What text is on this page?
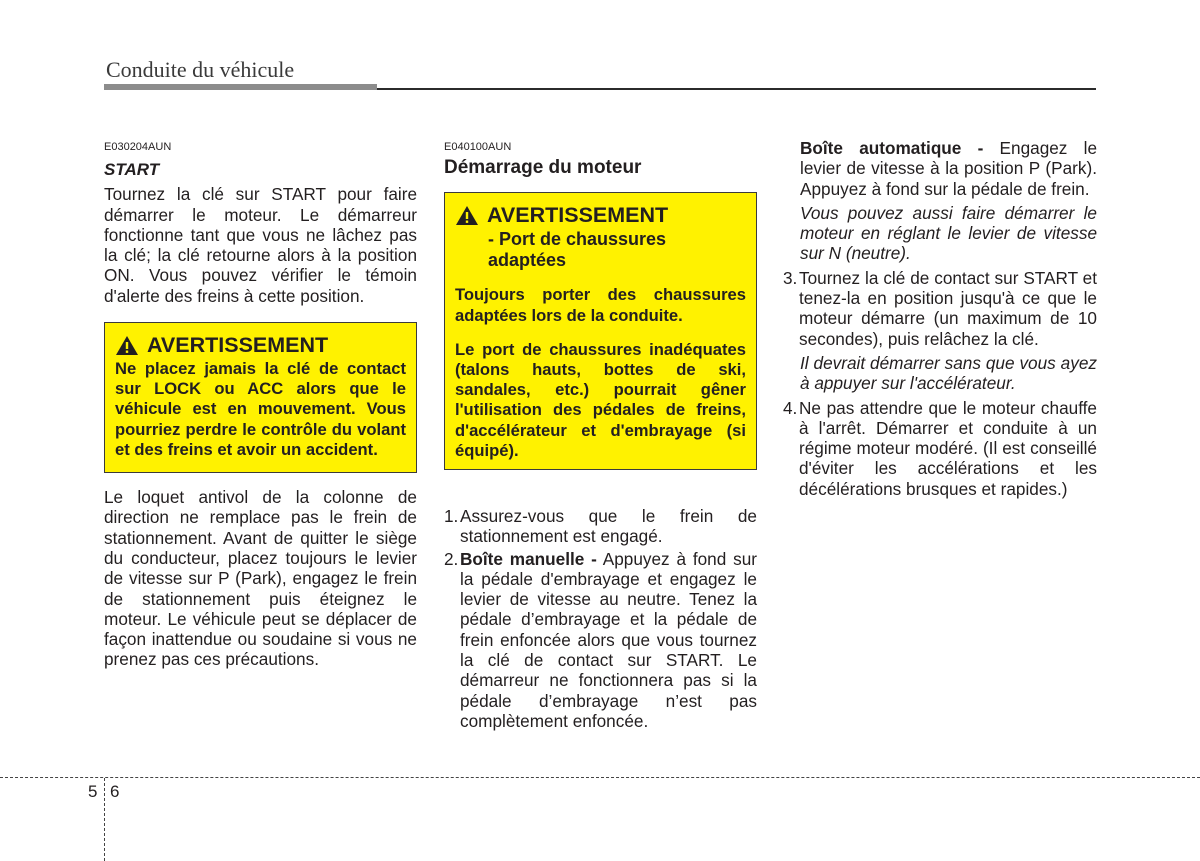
Conduite du véhicule
E030204AUN
START

Tournez la clé sur START pour faire démarrer le moteur. Le démarreur fonctionne tant que vous ne lâchez pas la clé; la clé retourne alors à la position ON. Vous pouvez vérifier le témoin d'alerte des freins à cette position.

AVERTISSEMENT
Ne placez jamais la clé de contact sur LOCK ou ACC alors que le véhicule est en mouvement. Vous pourriez perdre le contrôle du volant et des freins et avoir un accident.

Le loquet antivol de la colonne de direction ne remplace pas le frein de stationnement. Avant de quitter le siège du conducteur, placez toujours le levier de vitesse sur P (Park), engagez le frein de stationnement puis éteignez le moteur. Le véhicule peut se déplacer de façon inattendue ou soudaine si vous ne prenez pas ces précautions.

E040100AUN
Démarrage du moteur
AVERTISSEMENT
- Port de chaussures adaptées
Toujours porter des chaussures adaptées lors de la conduite.
Le port de chaussures inadéquates (talons hauts, bottes de ski, sandales, etc.) pourrait gêner l'utilisation des pédales de freins, d'accélérateur et d'embrayage (si équipé).
1. Assurez-vous que le frein de stationnement est engagé.
2. Boîte manuelle - Appuyez à fond sur la pédale d'embrayage et engagez le levier de vitesse au neutre. Tenez la pédale d’embrayage et la pédale de frein enfoncée alors que vous tournez la clé de contact sur START. Le démarreur ne fonctionnera pas si la pédale d’embrayage n’est pas complètement enfoncée.
Boîte automatique - Engagez le levier de vitesse à la position P (Park). Appuyez à fond sur la pédale de frein.
Vous pouvez aussi faire démarrer le moteur en réglant le levier de vitesse sur N (neutre).
3. Tournez la clé de contact sur START et tenez-la en position jusqu'à ce que le moteur démarre (un maximum de 10 secondes), puis relâchez la clé.
Il devrait démarrer sans que vous ayez à appuyer sur l'accélérateur.
4. Ne pas attendre que le moteur chauffe à l'arrêt. Démarrer et conduite à un régime moteur modéré. (Il est conseillé d'éviter les accélérations et les décélérations brusques et rapides.)
5 6
